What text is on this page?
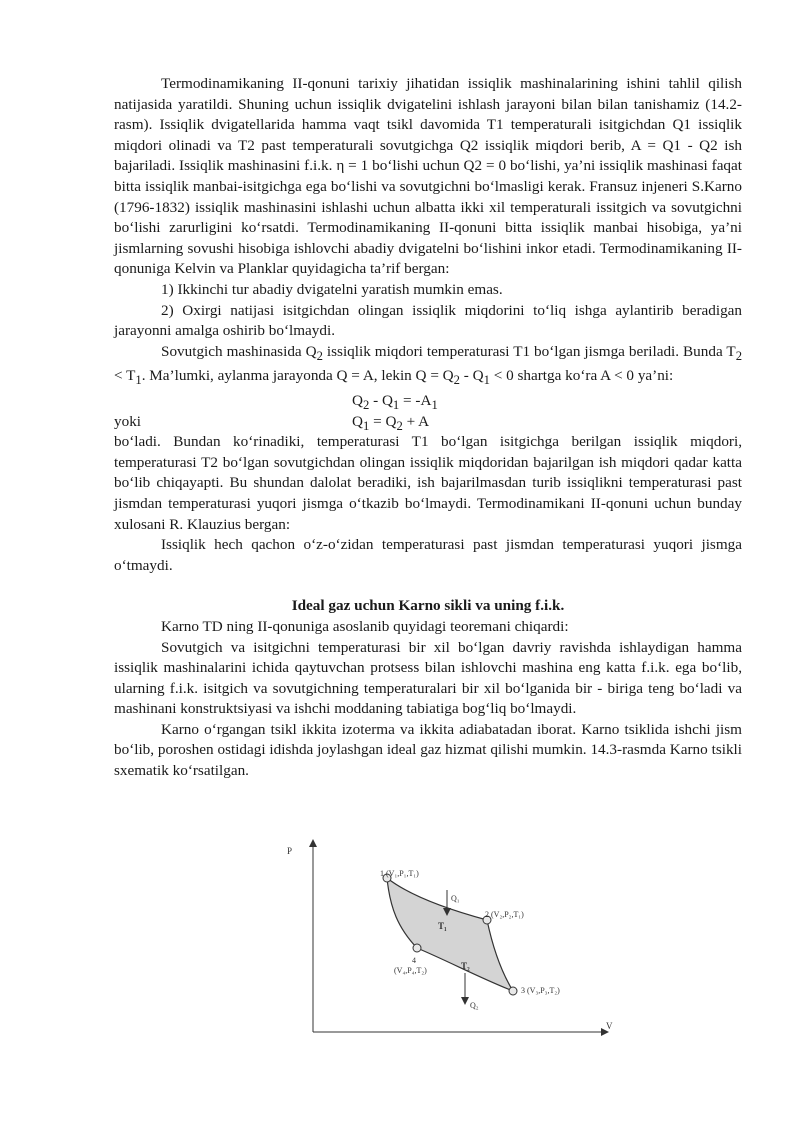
Termodinamikaning II-qonuni tarixiy jihatidan issiqlik mashinalarining ishini tahlil qilish natijasida yaratildi. Shuning uchun issiqlik dvigatelini ishlash jarayoni bilan bilan tanishamiz (14.2-rasm). Issiqlik dvigatellarida hamma vaqt tsikl davomida T1 temperaturali isitgichdan Q1 issiqlik miqdori olinadi va T2 past temperaturali sovutgichga Q2 issiqlik miqdori berib, A = Q1 - Q2 ish bajariladi. Issiqlik mashinasini f.i.k. η = 1 bo‘lishi uchun Q2 = 0 bo‘lishi, ya’ni issiqlik mashinasi faqat bitta issiqlik manbai-isitgichga ega bo‘lishi va sovutgichni bo‘lmasligi kerak. Fransuz injeneri S.Karno (1796-1832) issiqlik mashinasini ishlashi uchun albatta ikki xil temperaturali issitgich va sovutgichni bo‘lishi zarurligini ko‘rsatdi. Termodinamikaning II-qonuni bitta issiqlik manbai hisobiga, ya’ni jismlarning sovushi hisobiga ishlovchi abadiy dvigatelni bo‘lishini inkor etadi. Termodinamikaning II-qonuniga Kelvin va Planklar quyidagicha ta’rif bergan:

1) Ikkinchi tur abadiy dvigatelni yaratish mumkin emas.

2) Oxirgi natijasi isitgichdan olingan issiqlik miqdorini to‘liq ishga aylantirib beradigan jarayonni amalga oshirib bo‘lmaydi.

Sovutgich mashinasida $Q_2$ issiqlik miqdori temperaturasi T1 bo‘lgan jismga beriladi. Bunda $T_2 < T_1$. Ma’lumki, aylanma jarayonda Q = A, lekin $Q = Q_2 - Q_1 < 0$ shartga ko‘ra A < 0 ya’ni:

$Q_2 - Q_1 = -A_1$
yoki	$Q_1 = Q_2 + A$

bo‘ladi. Bundan ko‘rinadiki, temperaturasi T1 bo‘lgan isitgichga berilgan issiqlik miqdori, temperaturasi T2 bo‘lgan sovutgichdan olingan issiqlik miqdoridan bajarilgan ish miqdori qadar katta bo‘lib chiqayapti. Bu shundan dalolat beradiki, ish bajarilmasdan turib issiqlikni temperaturasi past jismdan temperaturasi yuqori jismga o‘tkazib bo‘lmaydi. Termodinamikani II-qonuni uchun bunday xulosani R. Klauzius bergan:

Issiqlik hech qachon o‘z-o‘zidan temperaturasi past jismdan temperaturasi yuqori jismga o‘tmaydi.

Ideal gaz uchun Karno sikli va uning f.i.k.

Karno TD ning II-qonuniga asoslanib quyidagi teoremani chiqardi:

Sovutgich va isitgichni temperaturasi bir xil bo‘lgan davriy ravishda ishlaydigan hamma issiqlik mashinalarini ichida qaytuvchan protsess bilan ishlovchi mashina eng katta f.i.k. ega bo‘lib, ularning f.i.k. isitgich va sovutgichning temperaturalari bir xil bo‘lganida bir - biriga teng bo‘ladi va mashinani konstruktsiyasi va ishchi moddaning tabiatiga bog‘liq bo‘lmaydi.

Karno o‘rgangan tsikl ikkita izoterma va ikkita adiabatadan iborat. Karno tsiklida ishchi jism bo‘lib, poroshen ostidagi idishda joylashgan ideal gaz hizmat qilishi mumkin. 14.3-rasmda Karno tsikli sxematik ko‘rsatilgan.

P
V
1 (V₁,P₁,T₁)
2 (V₂,P₂,T₁)
3 (V₃,P₃,T₂)
4
(V₄,P₄,T₂)
Q₁
Q₂
T₁
T₂
